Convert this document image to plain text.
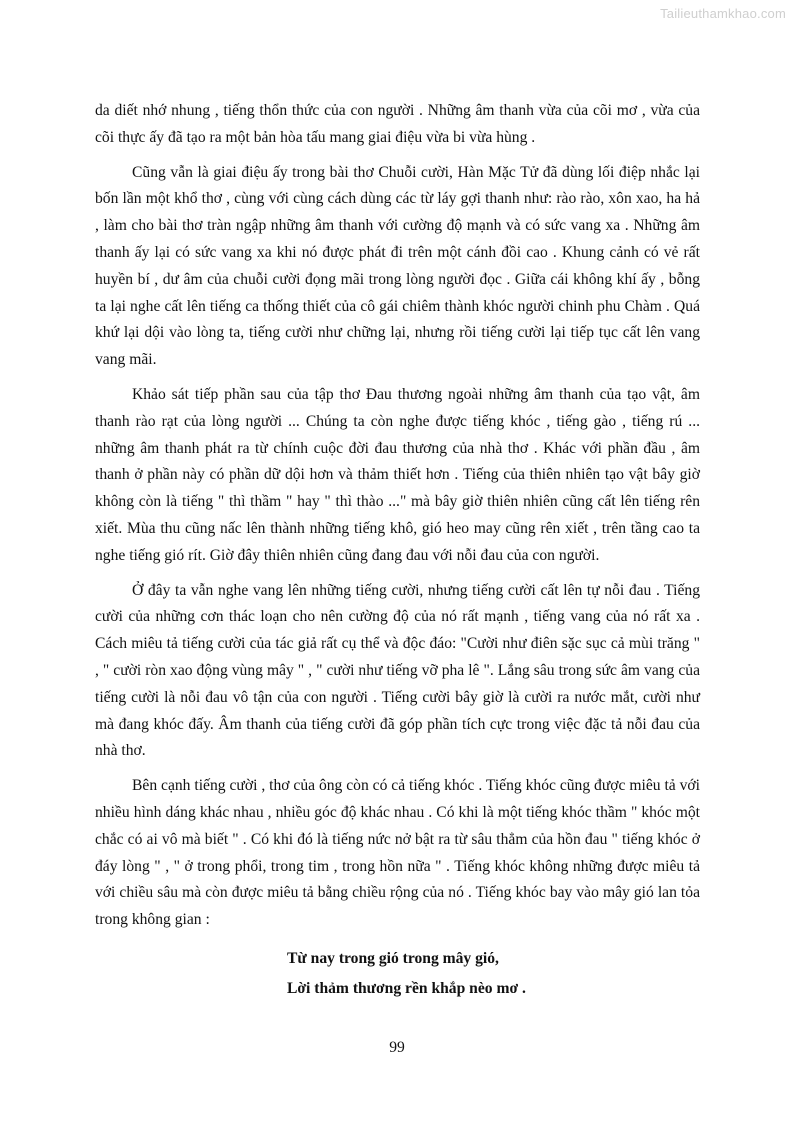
Tailieuthamkhao.com

da diết nhớ nhung , tiếng thổn thức của con người . Những âm thanh vừa của cõi mơ , vừa của cõi thực ấy đã tạo ra một bản hòa tấu mang giai điệu vừa bi vừa hùng .

Cũng vẫn là giai điệu ấy trong bài thơ Chuỗi cười, Hàn Mặc Tử đã dùng lối điệp nhắc lại bốn lần một khổ thơ , cùng với cùng cách dùng các từ láy gợi thanh như: rào rào, xôn xao, ha hả , làm cho bài thơ tràn ngập những âm thanh với cường độ mạnh và có sức vang xa . Những âm thanh ấy lại có sức vang xa khi nó được phát đi trên một cánh đồi cao . Khung cảnh có vẻ rất huyền bí , dư âm của chuỗi cười đọng mãi trong lòng người đọc . Giữa cái không khí ấy , bỗng ta lại nghe cất lên tiếng ca thống thiết của cô gái chiêm thành khóc người chinh phu Chàm . Quá khứ lại dội vào lòng ta, tiếng cười như chững lại, nhưng rồi tiếng cười lại tiếp tục cất lên vang vang mãi.

Khảo sát tiếp phần sau của tập thơ Đau thương ngoài những âm thanh của tạo vật, âm thanh rào rạt của lòng người ... Chúng ta còn nghe được tiếng khóc , tiếng gào , tiếng rú ... những âm thanh phát ra từ chính cuộc đời đau thương của nhà thơ . Khác với phần đầu , âm thanh ở phần này có phần dữ dội hơn và thảm thiết hơn . Tiếng của thiên nhiên tạo vật bây giờ không còn là tiếng " thì thầm " hay " thì thào ..." mà bây giờ thiên nhiên cũng cất lên tiếng rên xiết. Mùa thu cũng nấc lên thành những tiếng khô, gió heo may cũng rên xiết , trên tầng cao ta nghe tiếng gió rít. Giờ đây thiên nhiên cũng đang đau với nỗi đau của con người.

Ở đây ta vẫn nghe vang lên những tiếng cười, nhưng tiếng cười cất lên tự nỗi đau . Tiếng cười của những cơn thác loạn cho nên cường độ của nó rất mạnh , tiếng vang của nó rất xa . Cách miêu tả tiếng cười của tác giả rất cụ thể và độc đáo: "Cười như điên sặc sục cả mùi trăng " , " cười ròn xao động vùng mây " , " cười như tiếng vỡ pha lê ". Lắng sâu trong sức âm vang của tiếng cười là nỗi đau vô tận của con người . Tiếng cười bây giờ là cười ra nước mắt, cười như mà đang khóc đấy. Âm thanh của tiếng cười đã góp phần tích cực trong việc đặc tả nỗi đau của nhà thơ.

Bên cạnh tiếng cười , thơ của ông còn có cả tiếng khóc . Tiếng khóc cũng được miêu tả với nhiều hình dáng khác nhau , nhiều góc độ khác nhau . Có khi là một tiếng khóc thầm " khóc một chắc có ai vô mà biết " . Có khi đó là tiếng nức nở bật ra từ sâu thẳm của hồn đau " tiếng khóc ở đáy lòng " , " ở trong phổi, trong tim , trong hồn nữa " . Tiếng khóc không những được miêu tả với chiều sâu mà còn được miêu tả bằng chiều rộng của nó . Tiếng khóc bay vào mây gió lan tỏa trong không gian :

Từ nay trong gió trong mây gió,
Lời thảm thương rền khắp nèo mơ .
99
